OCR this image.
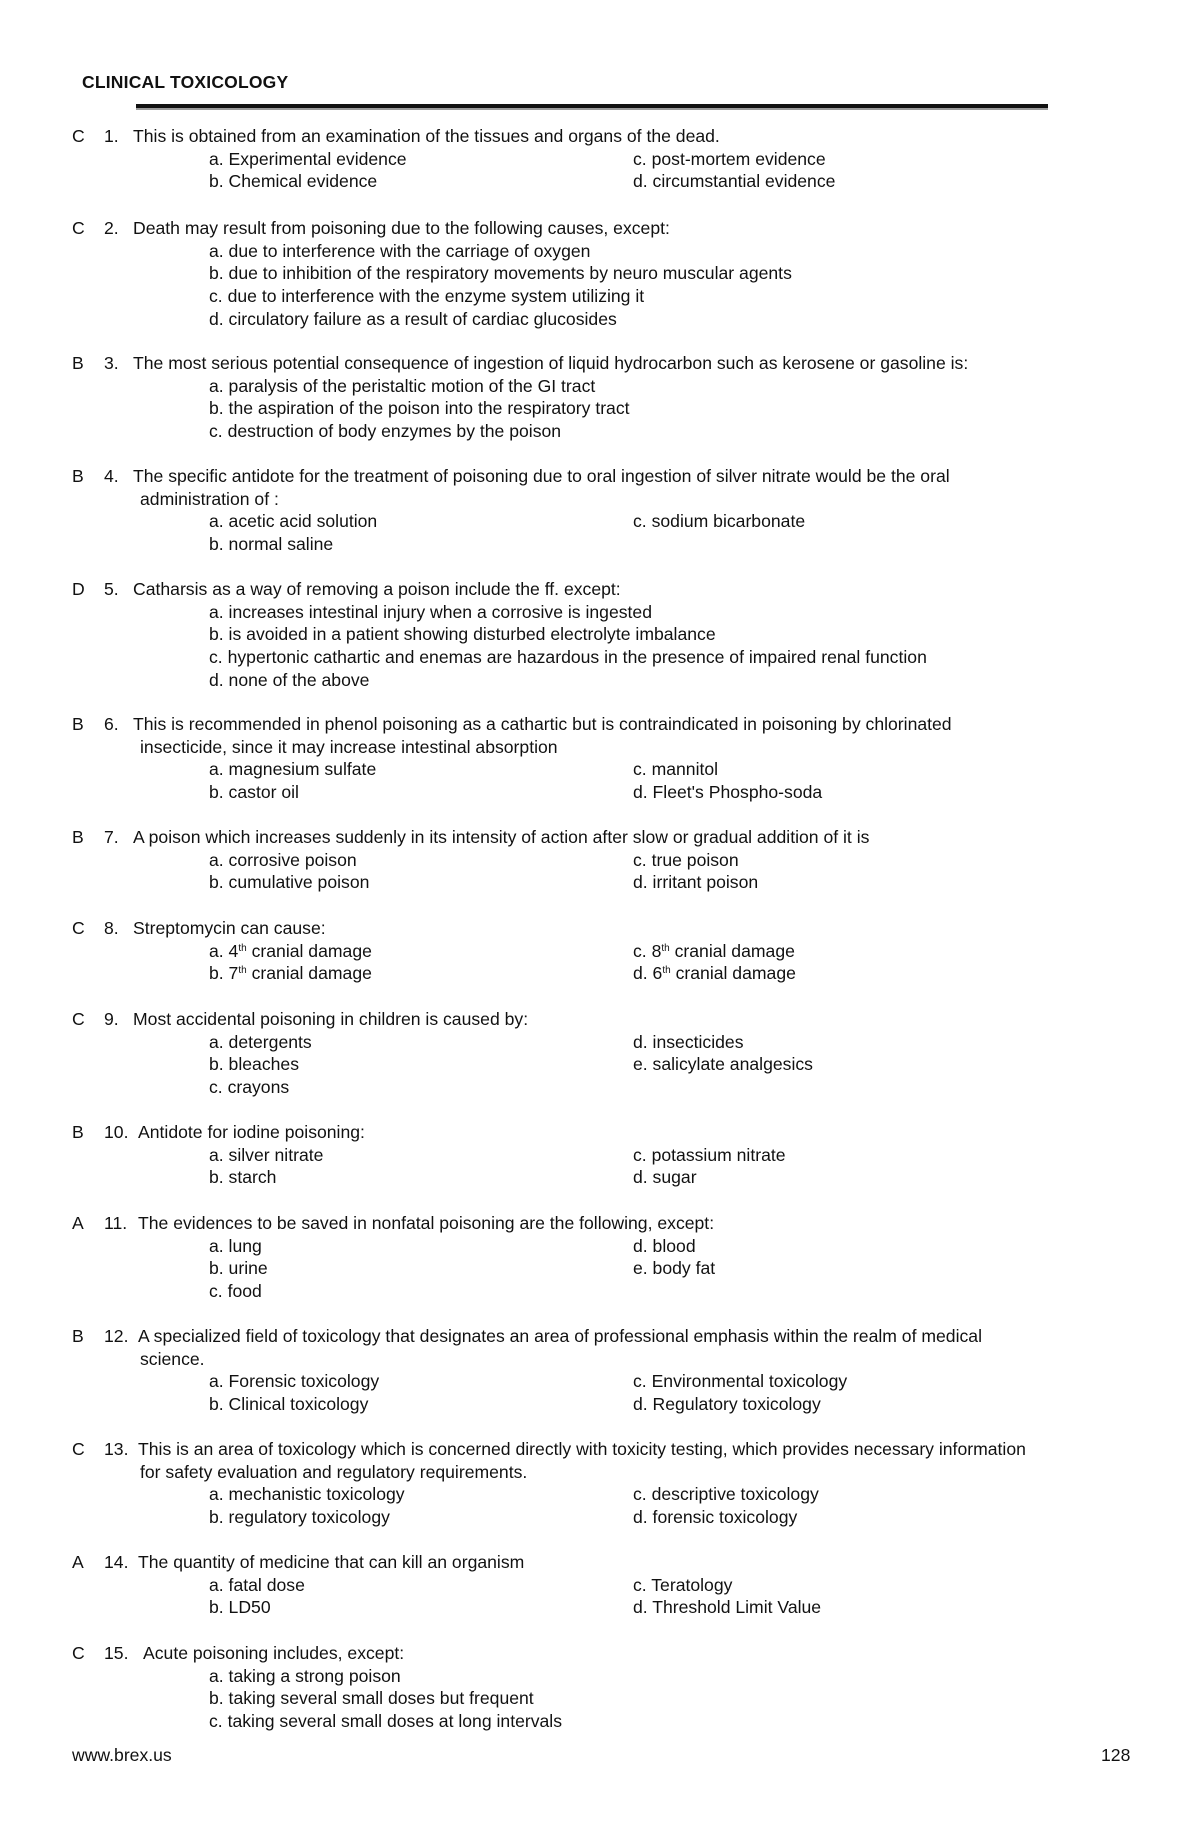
CLINICAL TOXICOLOGY
C 1. This is obtained from an examination of the tissues and organs of the dead.
a. Experimental evidence	c. post-mortem evidence
b. Chemical evidence	d. circumstantial evidence
C 2. Death may result from poisoning due to the following causes, except:
a. due to interference with the carriage of oxygen
b. due to inhibition of the respiratory movements by neuro muscular agents
c. due to interference with the enzyme system utilizing it
d. circulatory failure as a result of cardiac glucosides
B 3. The most serious potential consequence of ingestion of liquid hydrocarbon such as kerosene or gasoline is:
a. paralysis of the peristaltic motion of the GI tract
b. the aspiration of the poison into the respiratory tract
c. destruction of body enzymes by the poison
B 4. The specific antidote for the treatment of poisoning due to oral ingestion of silver nitrate would be the oral
administration of :
a. acetic acid solution	c. sodium bicarbonate
b. normal saline
D 5. Catharsis as a way of removing a poison include the ff. except:
a. increases intestinal injury when a corrosive is ingested
b. is avoided in a patient showing disturbed electrolyte imbalance
c. hypertonic cathartic and enemas are hazardous in the presence of impaired renal function
d. none of the above
B 6. This is recommended in phenol poisoning as a cathartic but is contraindicated in poisoning by chlorinated
insecticide, since it may increase intestinal absorption
a. magnesium sulfate	c. mannitol
b. castor oil	d. Fleet's Phospho-soda
B 7. A poison which increases suddenly in its intensity of action after slow or gradual addition of it is
a. corrosive poison	c. true poison
b. cumulative poison	d. irritant poison
C 8. Streptomycin can cause:
a. 4th cranial damage	c. 8th cranial damage
b. 7th cranial damage	d. 6th cranial damage
C 9. Most accidental poisoning in children is caused by:
a. detergents	d. insecticides
b. bleaches	e. salicylate analgesics
c. crayons
B 10. Antidote for iodine poisoning:
a. silver nitrate	c. potassium nitrate
b. starch	d. sugar
A 11. The evidences to be saved in nonfatal poisoning are the following, except:
a. lung	d. blood
b. urine	e. body fat
c. food
B 12. A specialized field of toxicology that designates an area of professional emphasis within the realm of medical
science.
a. Forensic toxicology	c. Environmental toxicology
b. Clinical toxicology	d. Regulatory toxicology
C 13. This is an area of toxicology which is concerned directly with toxicity testing, which provides necessary information
for safety evaluation and regulatory requirements.
a. mechanistic toxicology	c. descriptive toxicology
b. regulatory toxicology	d. forensic toxicology
A 14. The quantity of medicine that can kill an organism
a. fatal dose	c. Teratology
b. LD50	d. Threshold Limit Value
C 15. Acute poisoning includes, except:
a. taking a strong poison
b. taking several small doses but frequent
c. taking several small doses at long intervals
www.brex.us	128
